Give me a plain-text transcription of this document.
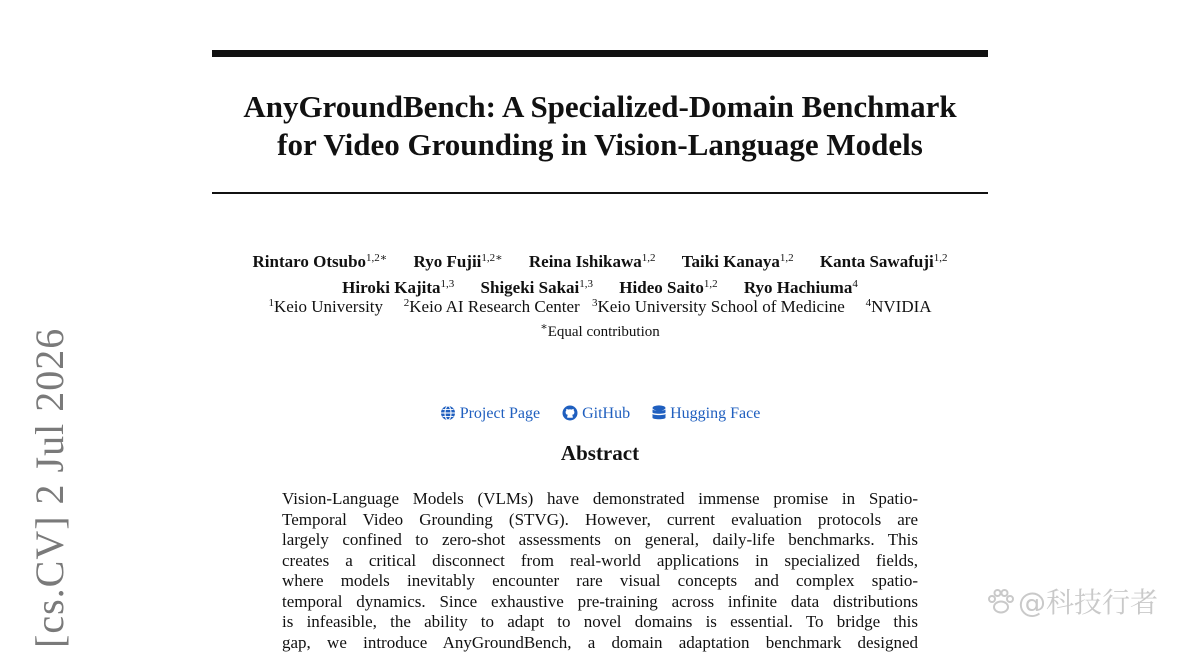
AnyGroundBench: A Specialized-Domain Benchmark
for Video Grounding in Vision-Language Models
Rintaro Otsubo$^{1,2∗}$ Ryo Fujii$^{1,2∗}$ Reina Ishikawa$^{1,2}$ Taiki Kanaya$^{1,2}$ Kanta Sawafuji$^{1,2}$
Hiroki Kajita$^{1,3}$ Shigeki Sakai$^{1,3}$ Hideo Saito$^{1,2}$ Ryo Hachiuma$^4$
$^1$Keio University $^2$Keio AI Research Center $^3$Keio University School of Medicine $^4$NVIDIA
∗Equal contribution
Project Page	GitHub	Hugging Face
Abstract

Vision-Language Models (VLMs) have demonstrated immense promise in Spatio-
Temporal Video Grounding (STVG). However, current evaluation protocols are
largely confined to zero-shot assessments on general, daily-life benchmarks. This
creates a critical disconnect from real-world applications in specialized fields,
where models inevitably encounter rare visual concepts and complex spatio-
temporal dynamics. Since exhaustive pre-training across infinite data distributions
is infeasible, the ability to adapt to novel domains is essential. To bridge this
gap, we introduce AnyGroundBench, a domain adaptation benchmark designed

[cs.CV] 2 Jul 2026	@科技行者
